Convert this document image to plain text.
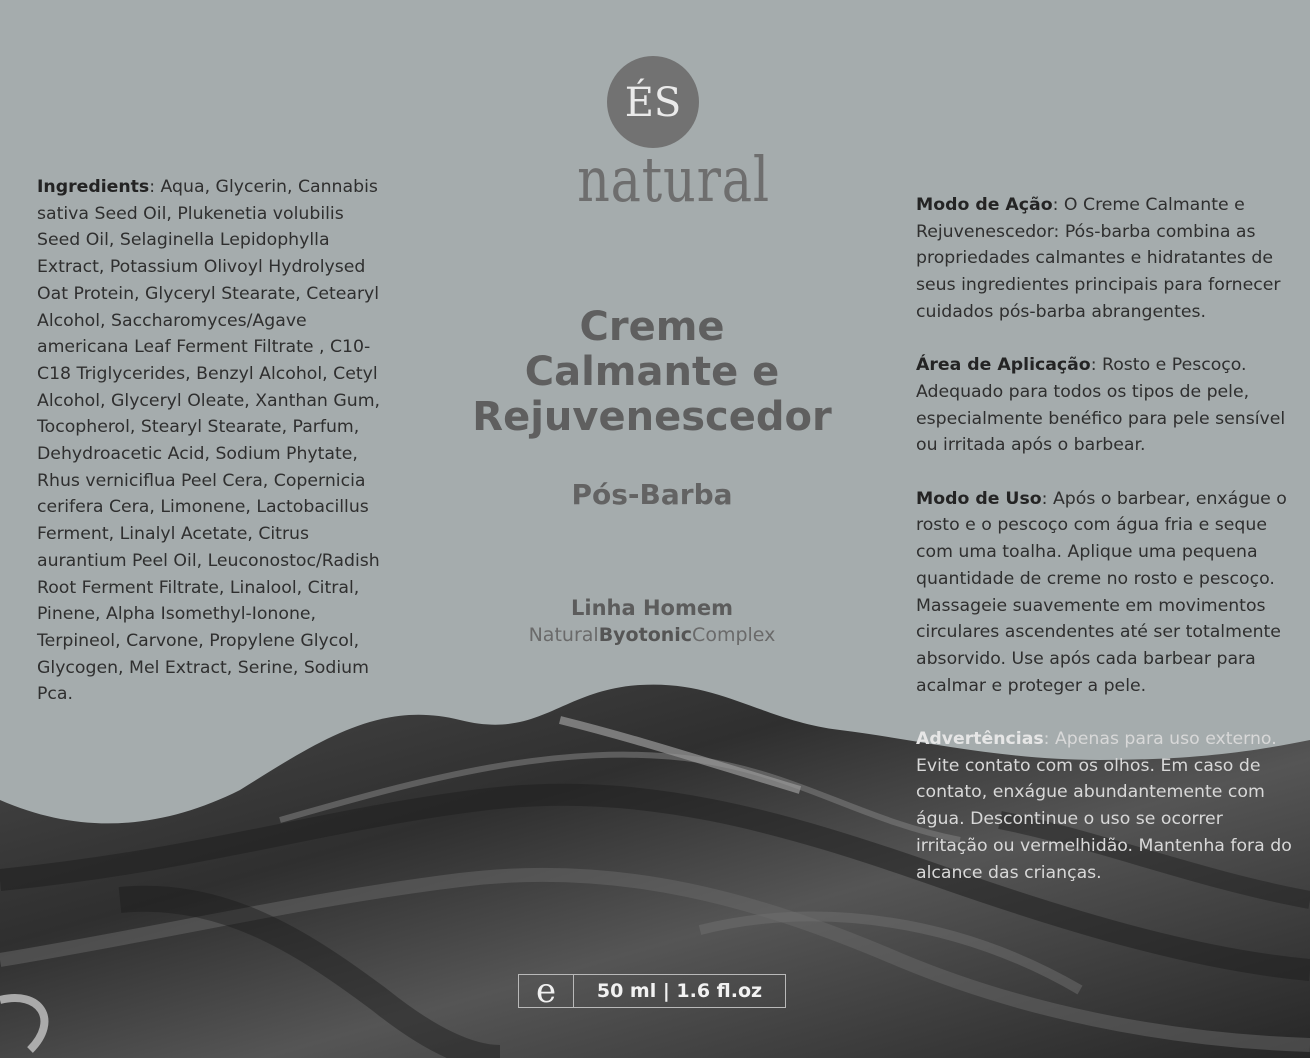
Ingredients: Aqua, Glycerin, Cannabis sativa Seed Oil, Plukenetia volubilis Seed Oil, Selaginella Lepidophylla Extract, Potassium Olivoyl Hydrolysed Oat Protein, Glyceryl Stearate, Cetearyl Alcohol, Saccharomyces/Agave americana Leaf Ferment Filtrate , C10-C18 Triglycerides, Benzyl Alcohol, Cetyl Alcohol, Glyceryl Oleate, Xanthan Gum, Tocopherol, Stearyl Stearate, Parfum, Dehydroacetic Acid, Sodium Phytate, Rhus verniciflua Peel Cera, Copernicia cerifera Cera, Limonene, Lactobacillus Ferment, Linalyl Acetate, Citrus aurantium Peel Oil, Leuconostoc/Radish Root Ferment Filtrate, Linalool, Citral, Pinene, Alpha Isomethyl-Ionone, Terpineol, Carvone, Propylene Glycol, Glycogen, Mel Extract, Serine, Sodium Pca.
ÉS
natural
Creme
Calmante e
Rejuvenescedor
Pós-Barba
Linha Homem
NaturalByotonicComplex

Modo de Ação: O Creme Calmante e Rejuvenescedor: Pós-barba combina as propriedades calmantes e hidratantes de seus ingredientes principais para fornecer cuidados pós-barba abrangentes.

Área de Aplicação: Rosto e Pescoço. Adequado para todos os tipos de pele, especialmente benéfico para pele sensível ou irritada após o barbear.

Modo de Uso: Após o barbear, enxágue o rosto e o pescoço com água fria e seque com uma toalha. Aplique uma pequena quantidade de creme no rosto e pescoço. Massageie suavemente em movimentos circulares ascendentes até ser totalmente absorvido. Use após cada barbear para acalmar e proteger a pele.

Advertências: Apenas para uso externo. Evite contato com os olhos. Em caso de contato, enxágue abundantemente com água. Descontinue o uso se ocorrer irritação ou vermelhidão. Mantenha fora do alcance das crianças.

e	50 ml | 1.6 fl.oz
